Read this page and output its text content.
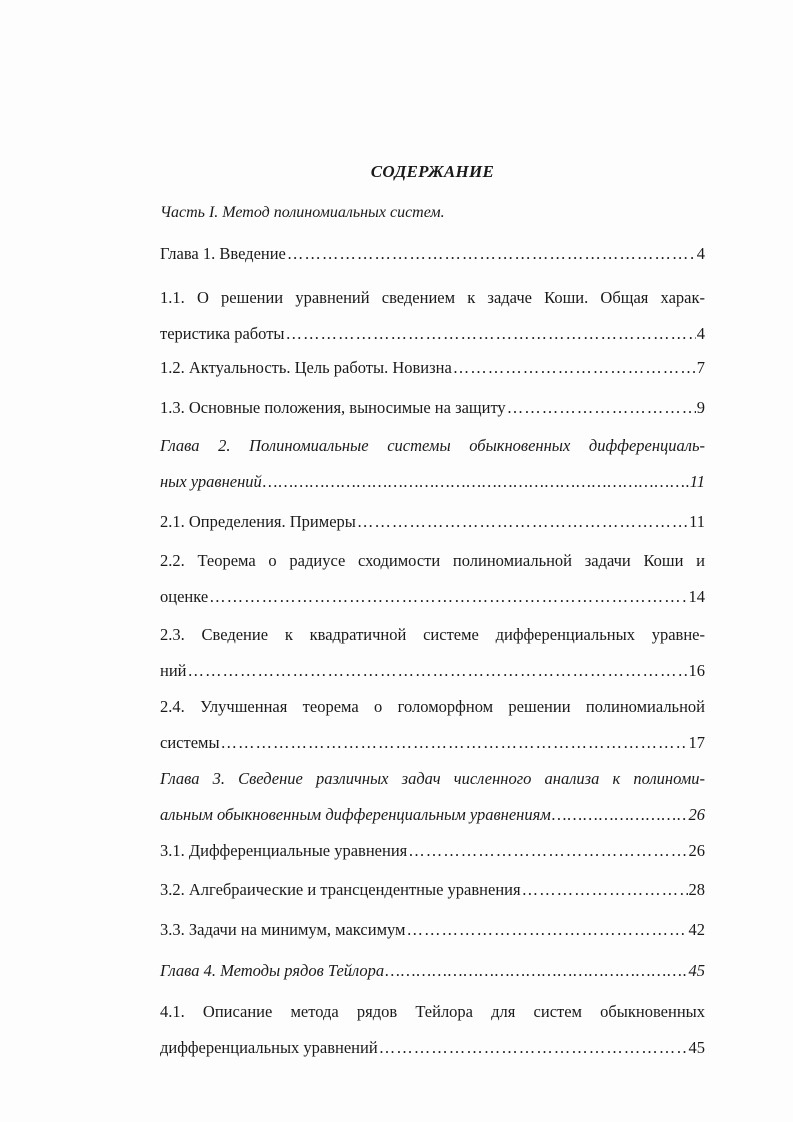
СОДЕРЖАНИЕ
Часть I. Метод полиномиальных систем.
Глава 1. Введение …………………………………………………………………………………………………………………………………………………	4
1.1. О решении уравнений сведением к задаче Коши. Общая харак-
теристика работы …………………………………………………………………………………………………………………………………………………	4
1.2. Актуальность. Цель работы. Новизна …………………………………………………………………………………………………………………………………………………	7
1.3. Основные положения, выносимые на защиту …………………………………………………………………………………………………………………………………………………	9
Глава 2. Полиномиальные системы обыкновенных дифференциаль-
ных уравнений …………………………………………………………………………………………………………………………………………………	11
2.1. Определения. Примеры …………………………………………………………………………………………………………………………………………………	11
2.2. Теорема о радиусе сходимости полиномиальной задачи Коши и
оценке …………………………………………………………………………………………………………………………………………………	14
2.3. Сведение к квадратичной системе дифференциальных уравне-
ний …………………………………………………………………………………………………………………………………………………	16
2.4. Улучшенная теорема о голоморфном решении полиномиальной
системы …………………………………………………………………………………………………………………………………………………	17
Глава 3. Сведение различных задач численного анализа к полиноми-
альным обыкновенным дифференциальным уравнениям …………………………………………………………………………………………………………………………………………………	26
3.1. Дифференциальные уравнения …………………………………………………………………………………………………………………………………………………	26
3.2. Алгебраические и трансцендентные уравнения …………………………………………………………………………………………………………………………………………………	28
3.3. Задачи на минимум, максимум …………………………………………………………………………………………………………………………………………………	42
Глава 4. Методы рядов Тейлора …………………………………………………………………………………………………………………………………………………	45
4.1. Описание метода рядов Тейлора для систем обыкновенных
дифференциальных уравнений …………………………………………………………………………………………………………………………………………………	45
